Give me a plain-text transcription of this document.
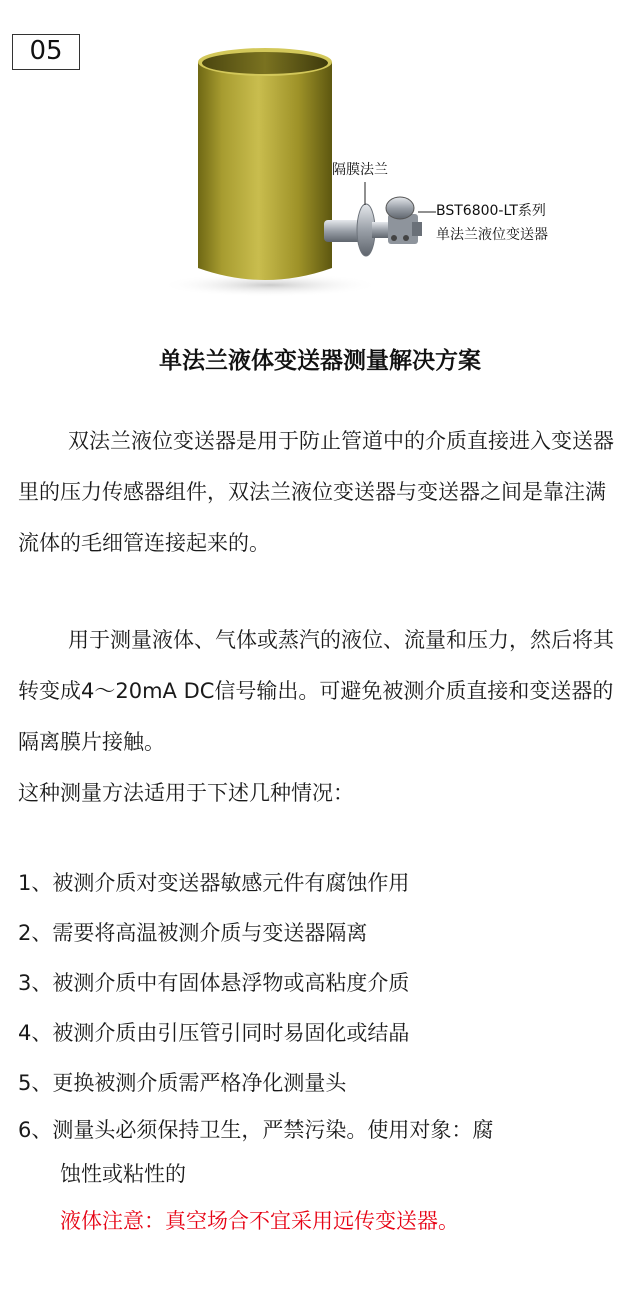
05
隔膜法兰
BST6800-LT系列
单法兰液位变送器
单法兰液体变送器测量解决方案

双法兰液位变送器是用于防止管道中的介质直接进入变送器里的压力传感器组件，双法兰液位变送器与变送器之间是靠注满流体的毛细管连接起来的。

用于测量液体、气体或蒸汽的液位、流量和压力，然后将其转变成4～20mA DC信号输出。可避免被测介质直接和变送器的隔离膜片接触。

这种测量方法适用于下述几种情况：

1、被测介质对变送器敏感元件有腐蚀作用
2、需要将高温被测介质与变送器隔离
3、被测介质中有固体悬浮物或高粘度介质
4、被测介质由引压管引同时易固化或结晶
5、更换被测介质需严格净化测量头
6、测量头必须保持卫生，严禁污染。使用对象：腐
蚀性或粘性的
液体注意：真空场合不宜采用远传变送器。
